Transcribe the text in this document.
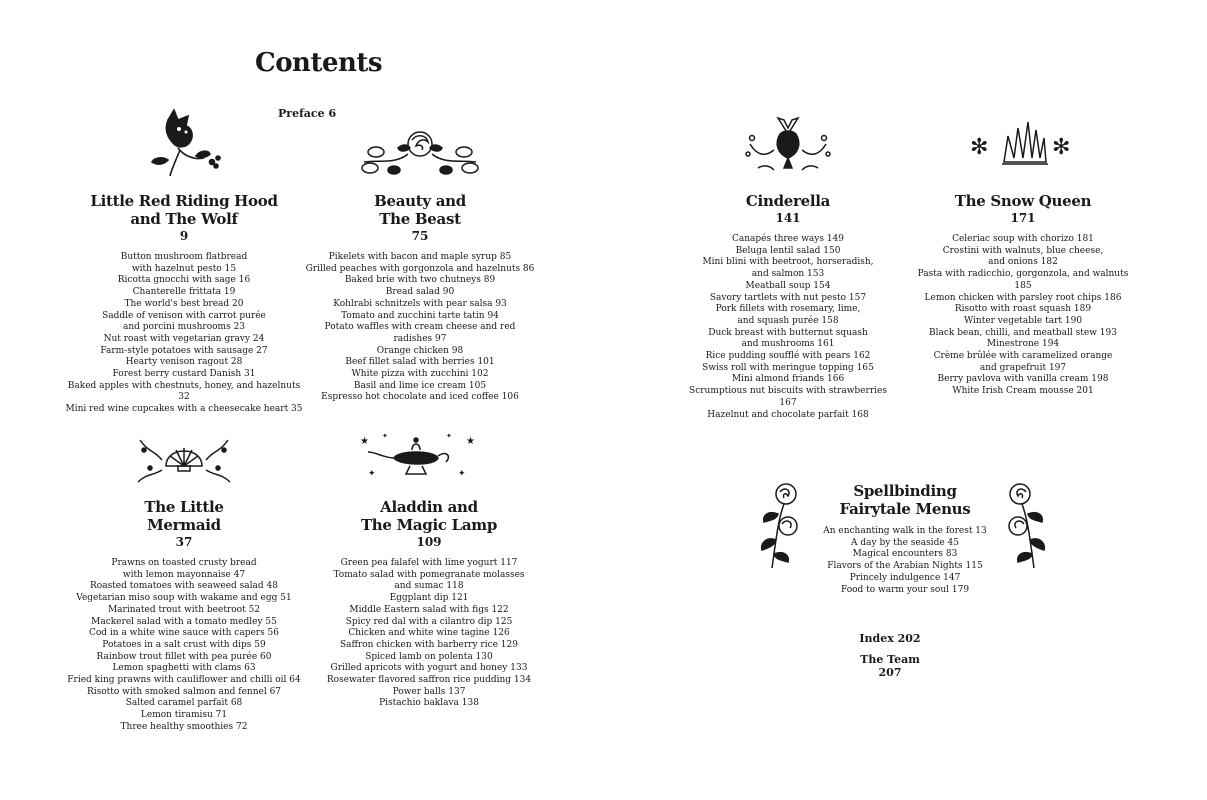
Contents
Preface 6
★	★
✦	✦
✦	✦
✻	✻
Little Red Riding Hood
and The Wolf
9
Button mushroom flatbread
with hazelnut pesto 15
Ricotta gnocchi with sage 16
Chanterelle frittata 19
The world's best bread 20
Saddle of venison with carrot purée
and porcini mushrooms 23
Nut roast with vegetarian gravy 24
Farm-style potatoes with sausage 27
Hearty venison ragout 28
Forest berry custard Danish 31
Baked apples with chestnuts, honey, and hazelnuts 32
Mini red wine cupcakes with a cheesecake heart 35
Beauty and
The Beast
75
Pikelets with bacon and maple syrup 85
Grilled peaches with gorgonzola and hazelnuts 86
Baked brie with two chutneys 89
Bread salad 90
Kohlrabi schnitzels with pear salsa 93
Tomato and zucchini tarte tatin 94
Potato waffles with cream cheese and red radishes 97
Orange chicken 98
Beef fillet salad with berries 101
White pizza with zucchini 102
Basil and lime ice cream 105
Espresso hot chocolate and iced coffee 106
The Little
Mermaid
37
Prawns on toasted crusty bread
with lemon mayonnaise 47
Roasted tomatoes with seaweed salad 48
Vegetarian miso soup with wakame and egg 51
Marinated trout with beetroot 52
Mackerel salad with a tomato medley 55
Cod in a white wine sauce with capers 56
Potatoes in a salt crust with dips 59
Rainbow trout fillet with pea purée 60
Lemon spaghetti with clams 63
Fried king prawns with cauliflower and chilli oil 64
Risotto with smoked salmon and fennel 67
Salted caramel parfait 68
Lemon tiramisu 71
Three healthy smoothies 72
Aladdin and
The Magic Lamp
109
Green pea falafel with lime yogurt 117
Tomato salad with pomegranate molasses
and sumac 118
Eggplant dip 121
Middle Eastern salad with figs 122
Spicy red dal with a cilantro dip 125
Chicken and white wine tagine 126
Saffron chicken with barberry rice 129
Spiced lamb on polenta 130
Grilled apricots with yogurt and honey 133
Rosewater flavored saffron rice pudding 134
Power balls 137
Pistachio baklava 138
Cinderella
141
Canapés three ways 149
Beluga lentil salad 150
Mini blini with beetroot, horseradish,
and salmon 153
Meatball soup 154
Savory tartlets with nut pesto 157
Pork fillets with rosemary, lime,
and squash purée 158
Duck breast with butternut squash
and mushrooms 161
Rice pudding soufflé with pears 162
Swiss roll with meringue topping 165
Mini almond friands 166
Scrumptious nut biscuits with strawberries 167
Hazelnut and chocolate parfait 168
The Snow Queen
171
Celeriac soup with chorizo 181
Crostini with walnuts, blue cheese,
and onions 182
Pasta with radicchio, gorgonzola, and walnuts 185
Lemon chicken with parsley root chips 186
Risotto with roast squash 189
Winter vegetable tart 190
Black bean, chilli, and meatball stew 193
Minestrone 194
Crème brûlée with caramelized orange
and grapefruit 197
Berry pavlova with vanilla cream 198
White Irish Cream mousse 201
Spellbinding
Fairytale Menus
An enchanting walk in the forest 13
A day by the seaside 45
Magical encounters 83
Flavors of the Arabian Nights 115
Princely indulgence 147
Food to warm your soul 179
Index 202
The Team 207
